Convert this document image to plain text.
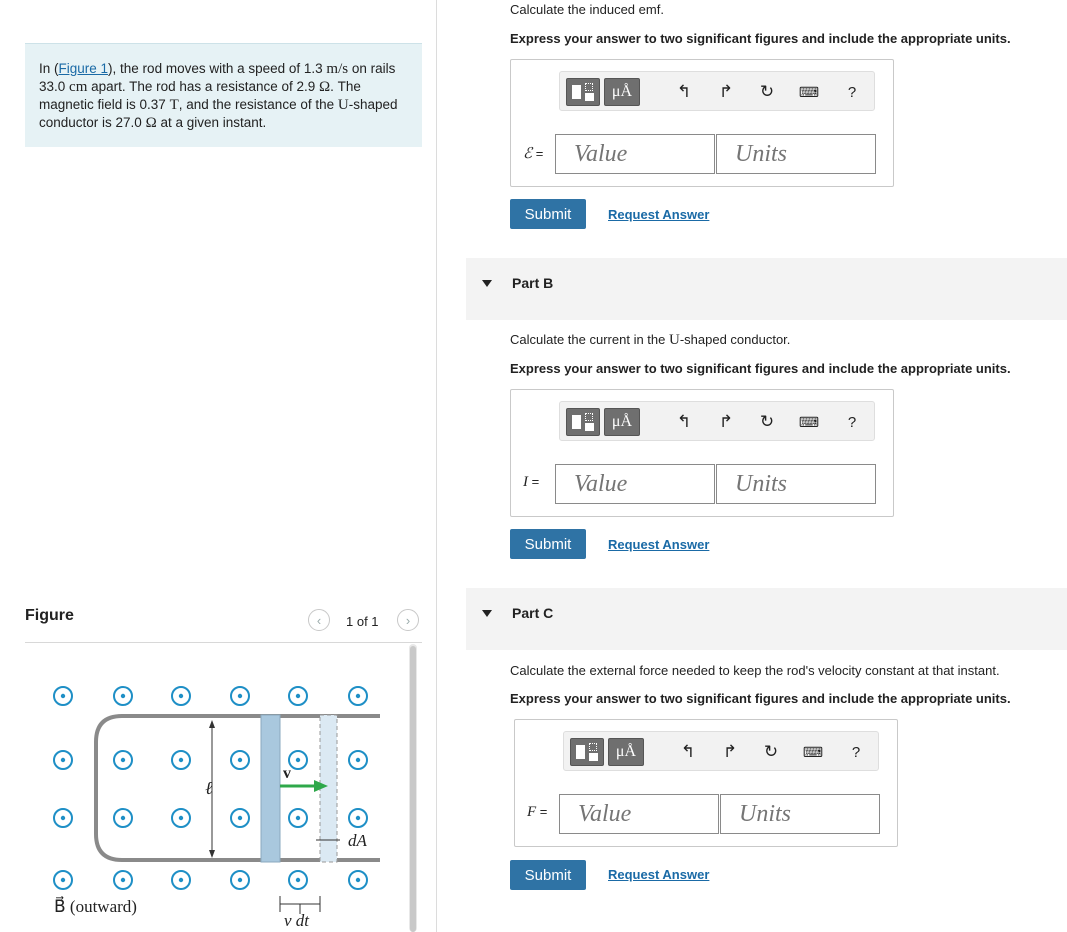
In (Figure 1), the rod moves with a speed of 1.3 m/s on rails 33.0 cm apart. The rod has a resistance of 2.9 Ω. The magnetic field is 0.37 T, and the resistance of the U-shaped conductor is 27.0 Ω at a given instant.
Figure	‹ 1 of 1 ›
ℓ
v⃗
dA
B⃗ (outward)
v dt
Calculate the induced emf.
Express your answer to two significant figures and include the appropriate units.
μÅ	↰ ↱ ↻ ⌨	?
ℰ =
Value
Units
Submit	Request Answer
Part B
Calculate the current in the U-shaped conductor.
Express your answer to two significant figures and include the appropriate units.
μÅ	↰ ↱ ↻ ⌨	?
I =
Value
Units
Submit	Request Answer
Part C
Calculate the external force needed to keep the rod's velocity constant at that instant.
Express your answer to two significant figures and include the appropriate units.
μÅ	↰ ↱ ↻ ⌨	?
F =
Value
Units
Submit	Request Answer
